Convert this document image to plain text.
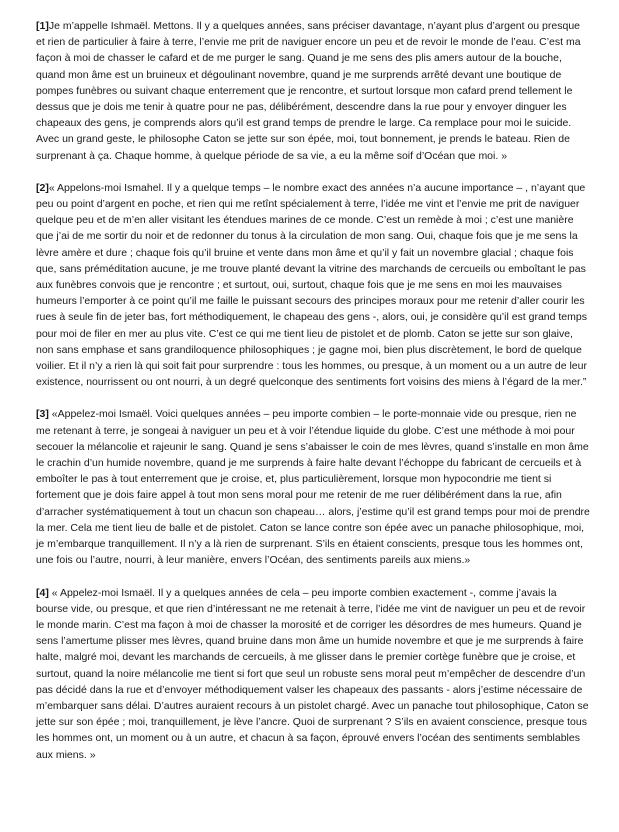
[1]Je m’appelle Ishmaël. Mettons. Il y a quelques années, sans préciser davantage, n’ayant plus d’argent ou presque et rien de particulier à faire à terre, l’envie me prit de naviguer encore un peu et de revoir le monde de l’eau. C’est ma façon à moi de chasser le cafard et de me purger le sang. Quand je me sens des plis amers autour de la bouche, quand mon âme est un bruineux et dégoulinant novembre, quand je me surprends arrêté devant une boutique de pompes funèbres ou suivant chaque enterrement que je rencontre, et surtout lorsque mon cafard prend tellement le dessus que je dois me tenir à quatre pour ne pas, délibérément, descendre dans la rue pour y envoyer dinguer les chapeaux des gens, je comprends alors qu’il est grand temps de prendre le large. Ca remplace pour moi le suicide. Avec un grand geste, le philosophe Caton se jette sur son épée, moi, tout bonnement, je prends le bateau. Rien de surprenant à ça. Chaque homme, à quelque période de sa vie, a eu la même soif d’Océan que moi. »

[2]« Appelons-moi Ismahel. Il y a quelque temps – le nombre exact des années n’a aucune importance – , n’ayant que peu ou point d’argent en poche, et rien qui me retînt spécialement à terre, l’idée me vint et l’envie me prit de naviguer quelque peu et de m’en aller visitant les étendues marines de ce monde. C’est un remède à moi ; c’est une manière que j’ai de me sortir du noir et de redonner du tonus à la circulation de mon sang. Oui, chaque fois que je me sens la lèvre amère et dure ; chaque fois qu’il bruine et vente dans mon âme et qu’il y fait un novembre glacial ; chaque fois que, sans préméditation aucune, je me trouve planté devant la vitrine des marchands de cercueils ou emboîtant le pas aux funèbres convois que je rencontre ; et surtout, oui, surtout, chaque fois que je me sens en moi les mauvaises humeurs l’emporter à ce point qu’il me faille le puissant secours des principes moraux pour me retenir d’aller courir les rues à seule fin de jeter bas, fort méthodiquement, le chapeau des gens -, alors, oui, je considère qu’il est grand temps pour moi de filer en mer au plus vite. C’est ce qui me tient lieu de pistolet et de plomb. Caton se jette sur son glaive, non sans emphase et sans grandiloquence philosophiques ; je gagne moi, bien plus discrètement, le bord de quelque voilier. Et il n’y a rien là qui soit fait pour surprendre : tous les hommes, ou presque, à un moment ou a un autre de leur existence, nourrissent ou ont nourri, à un degré quelconque des sentiments fort voisins des miens à l’égard de la mer.”

[3] «Appelez-moi Ismaël. Voici quelques années – peu importe combien – le porte-monnaie vide ou presque, rien ne me retenant à terre, je songeai à naviguer un peu et à voir l’étendue liquide du globe. C’est une méthode à moi pour secouer la mélancolie et rajeunir le sang. Quand je sens s’abaisser le coin de mes lèvres, quand s’installe en mon âme le crachin d’un humide novembre, quand je me surprends à faire halte devant l’échoppe du fabricant de cercueils et à emboîter le pas à tout enterrement que je croise, et, plus particulièrement, lorsque mon hypocondrie me tient si fortement que je dois faire appel à tout mon sens moral pour me retenir de me ruer délibérément dans la rue, afin d’arracher systématiquement à tout un chacun son chapeau… alors, j’estime qu’il est grand temps pour moi de prendre la mer. Cela me tient lieu de balle et de pistolet. Caton se lance contre son épée avec un panache philosophique, moi, je m’embarque tranquillement. Il n’y a là rien de surprenant. S’ils en étaient conscients, presque tous les hommes ont, une fois ou l’autre, nourri, à leur manière, envers l’Océan, des sentiments pareils aux miens.»

[4] « Appelez-moi Ismaël. Il y a quelques années de cela – peu importe combien exactement -, comme j’avais la bourse vide, ou presque, et que rien d’intéressant ne me retenait à terre, l’idée me vint de naviguer un peu et de revoir le monde marin. C’est ma façon à moi de chasser la morosité et de corriger les désordres de mes humeurs. Quand je sens l’amertume plisser mes lèvres, quand bruine dans mon âme un humide novembre et que je me surprends à faire halte, malgré moi, devant les marchands de cercueils, à me glisser dans le premier cortège funèbre que je croise, et surtout, quand la noire mélancolie me tient si fort que seul un robuste sens moral peut m’empêcher de descendre d’un pas décidé dans la rue et d’envoyer méthodiquement valser les chapeaux des passants - alors j’estime nécessaire de m’embarquer sans délai. D’autres auraient recours à un pistolet chargé. Avec un panache tout philosophique, Caton se jette sur son épée ; moi, tranquillement, je lève l’ancre. Quoi de surprenant ? S’ils en avaient conscience, presque tous les hommes ont, un moment ou à un autre, et chacun à sa façon, éprouvé envers l’océan des sentiments semblables aux miens. »
